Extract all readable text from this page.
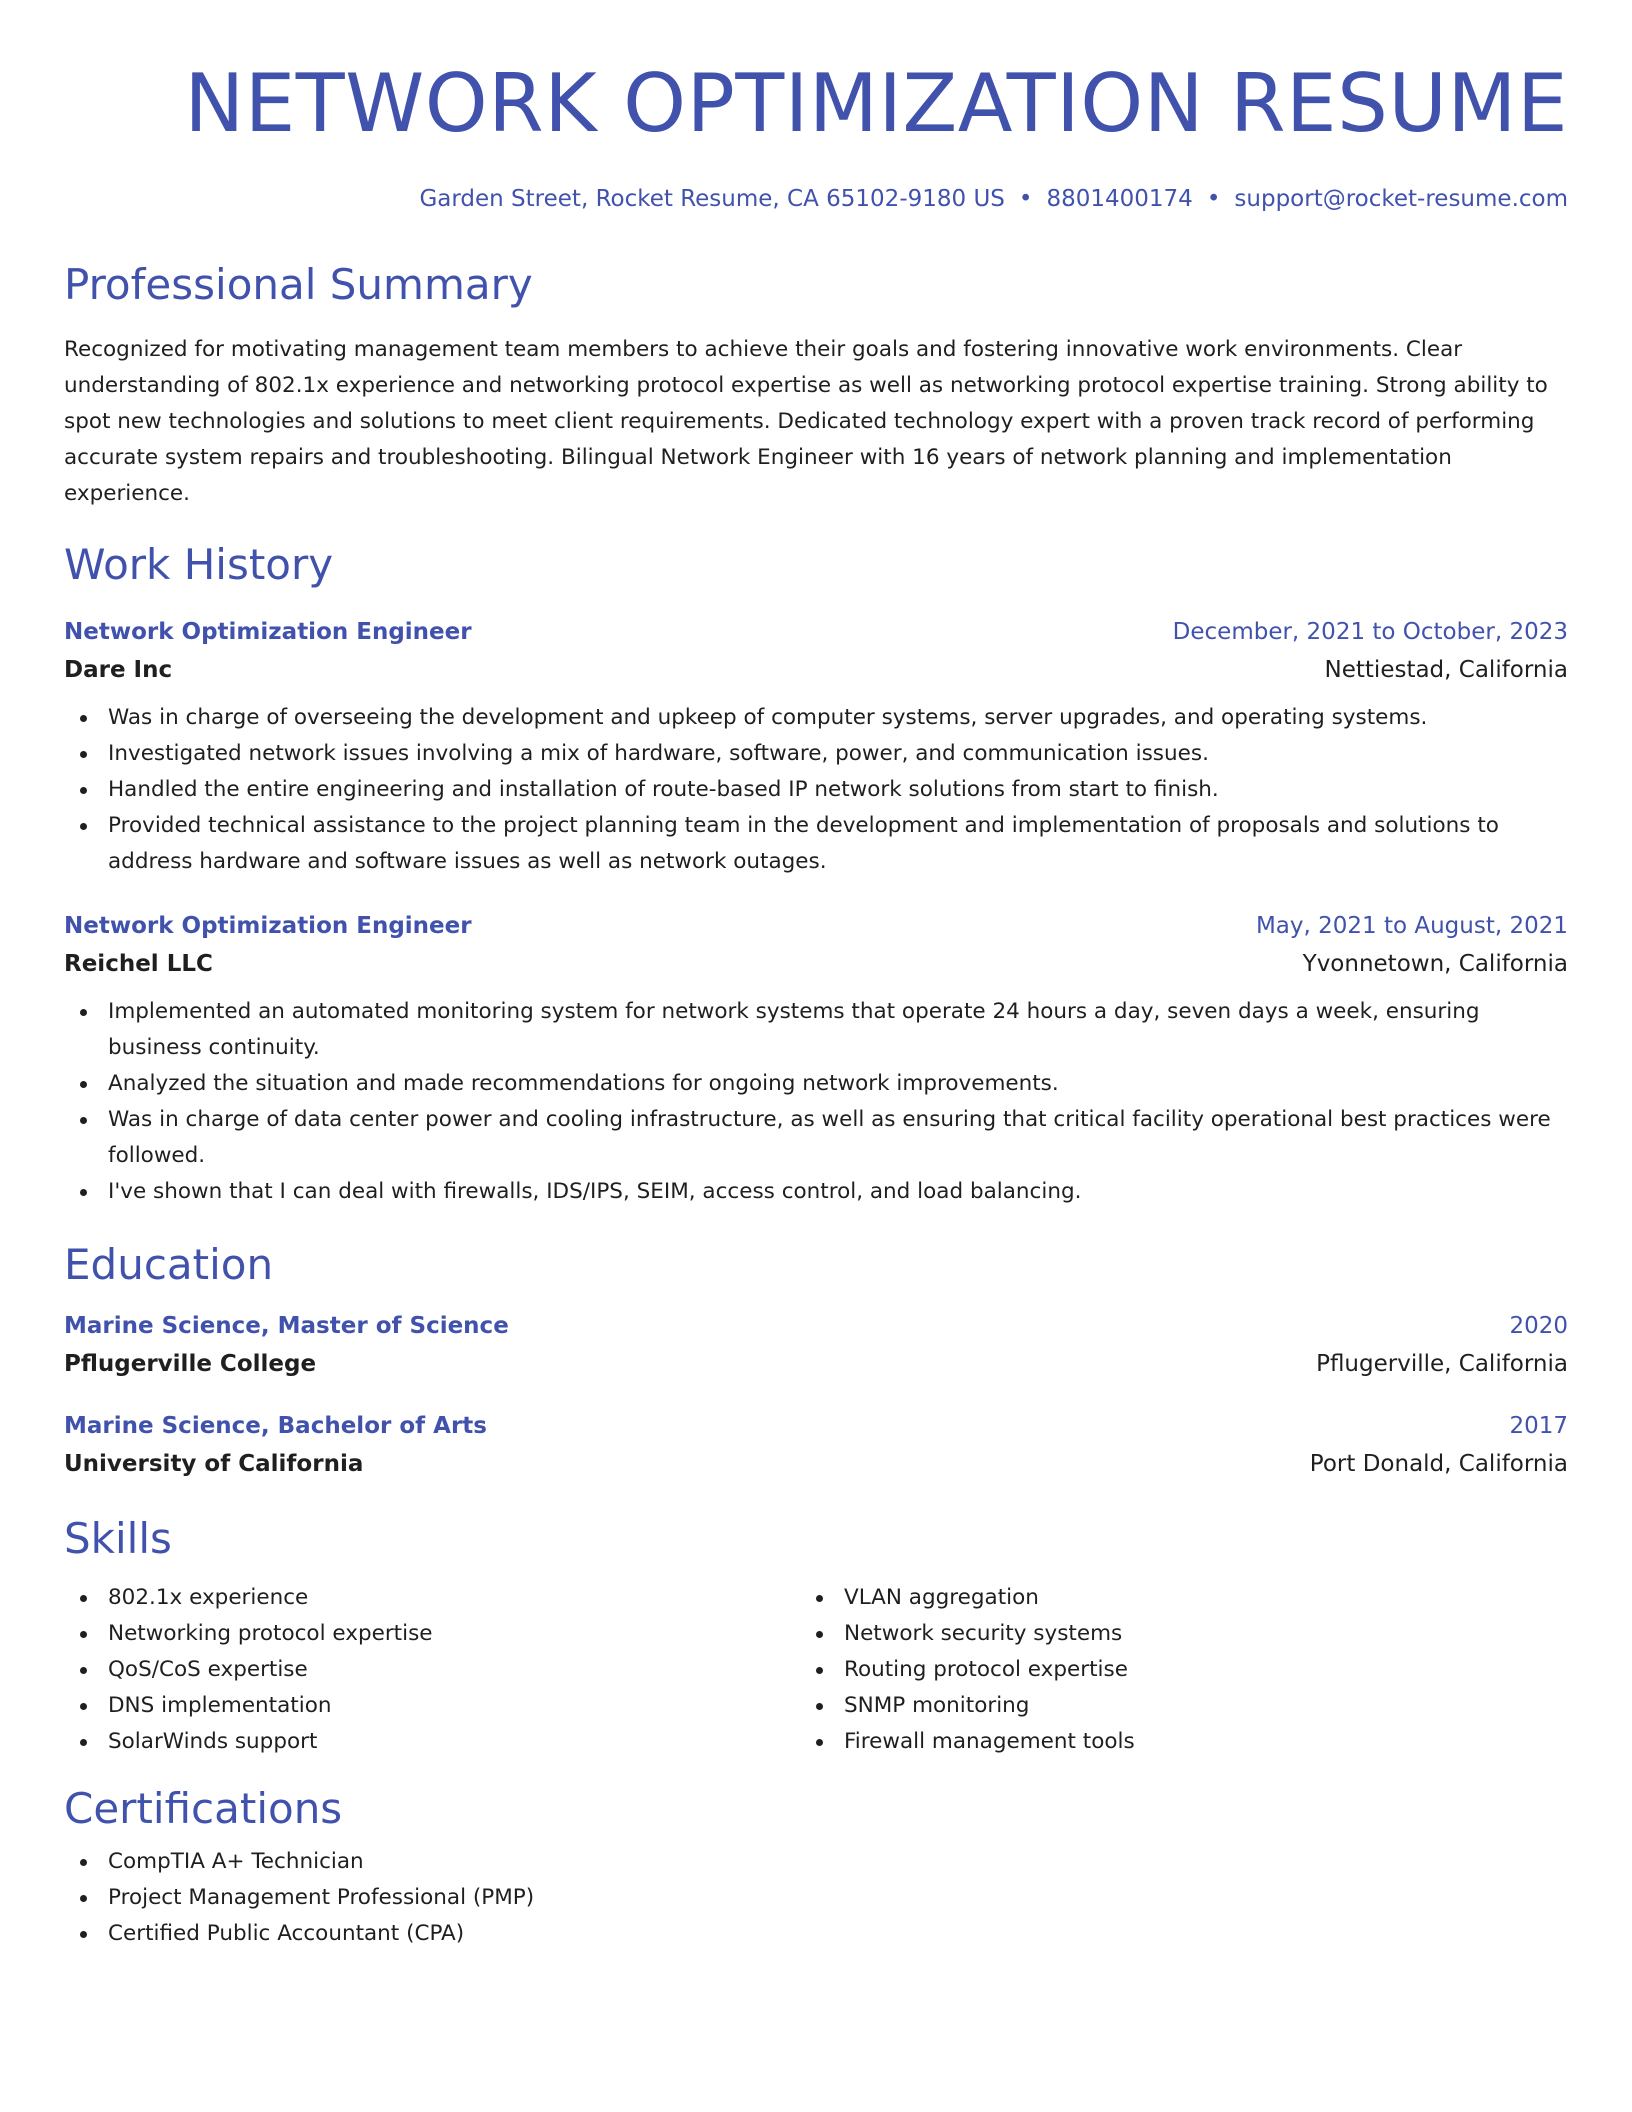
NETWORK OPTIMIZATION RESUME
Garden Street, Rocket Resume, CA 65102-9180 US • 8801400174 • support@rocket-resume.com
Professional Summary

Recognized for motivating management team members to achieve their goals and fostering innovative work environments. Clear understanding of 802.1x experience and networking protocol expertise as well as networking protocol expertise training. Strong ability to spot new technologies and solutions to meet client requirements. Dedicated technology expert with a proven track record of performing accurate system repairs and troubleshooting. Bilingual Network Engineer with 16 years of network planning and implementation experience.

Work History
Network Optimization Engineer	December, 2021 to October, 2023
Dare Inc	Nettiestad, California
Was in charge of overseeing the development and upkeep of computer systems, server upgrades, and operating systems.
Investigated network issues involving a mix of hardware, software, power, and communication issues.
Handled the entire engineering and installation of route-based IP network solutions from start to finish.
Provided technical assistance to the project planning team in the development and implementation of proposals and solutions to address hardware and software issues as well as network outages.
Network Optimization Engineer	May, 2021 to August, 2021
Reichel LLC	Yvonnetown, California
Implemented an automated monitoring system for network systems that operate 24 hours a day, seven days a week, ensuring business continuity.
Analyzed the situation and made recommendations for ongoing network improvements.
Was in charge of data center power and cooling infrastructure, as well as ensuring that critical facility operational best practices were followed.
I've shown that I can deal with firewalls, IDS/IPS, SEIM, access control, and load balancing.
Education
Marine Science, Master of Science	2020
Pflugerville College	Pflugerville, California
Marine Science, Bachelor of Arts	2017
University of California	Port Donald, California
Skills
802.1x experience
Networking protocol expertise
QoS/CoS expertise
DNS implementation
SolarWinds support
VLAN aggregation
Network security systems
Routing protocol expertise
SNMP monitoring
Firewall management tools
Certifications
CompTIA A+ Technician
Project Management Professional (PMP)
Certified Public Accountant (CPA)
